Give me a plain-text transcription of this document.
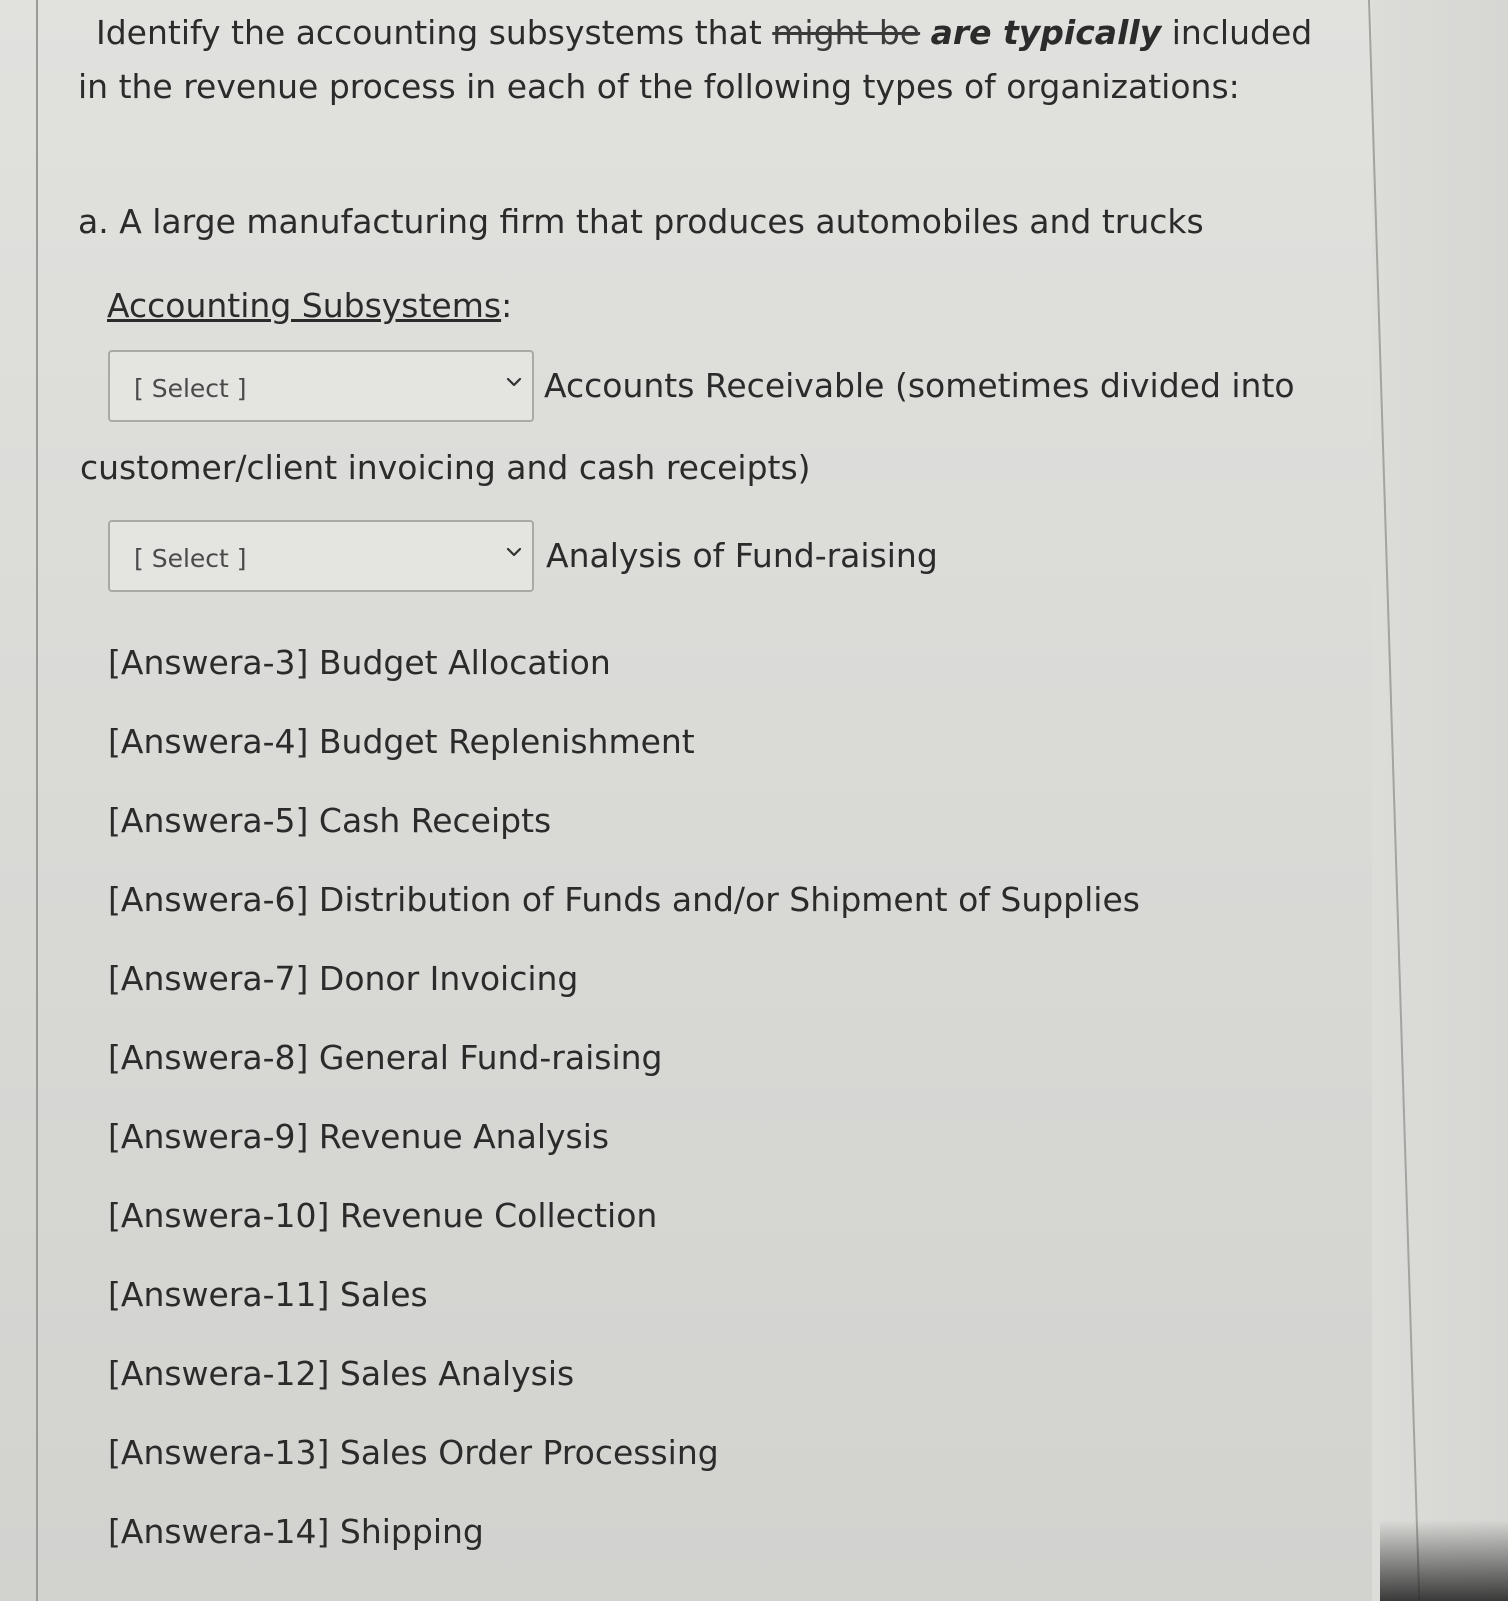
Identify the accounting subsystems that might be are typically included in the revenue process in each of the following types of organizations:
a. A large manufacturing firm that produces automobiles and trucks
Accounting Subsystems:
[ Select ]	Accounts Receivable (sometimes divided into
customer/client invoicing and cash receipts)
[ Select ]	Analysis of Fund-raising
[Answera-3] Budget Allocation
[Answera-4] Budget Replenishment
[Answera-5] Cash Receipts
[Answera-6] Distribution of Funds and/or Shipment of Supplies
[Answera-7] Donor Invoicing
[Answera-8] General Fund-raising
[Answera-9] Revenue Analysis
[Answera-10] Revenue Collection
[Answera-11] Sales
[Answera-12] Sales Analysis
[Answera-13] Sales Order Processing
[Answera-14] Shipping
